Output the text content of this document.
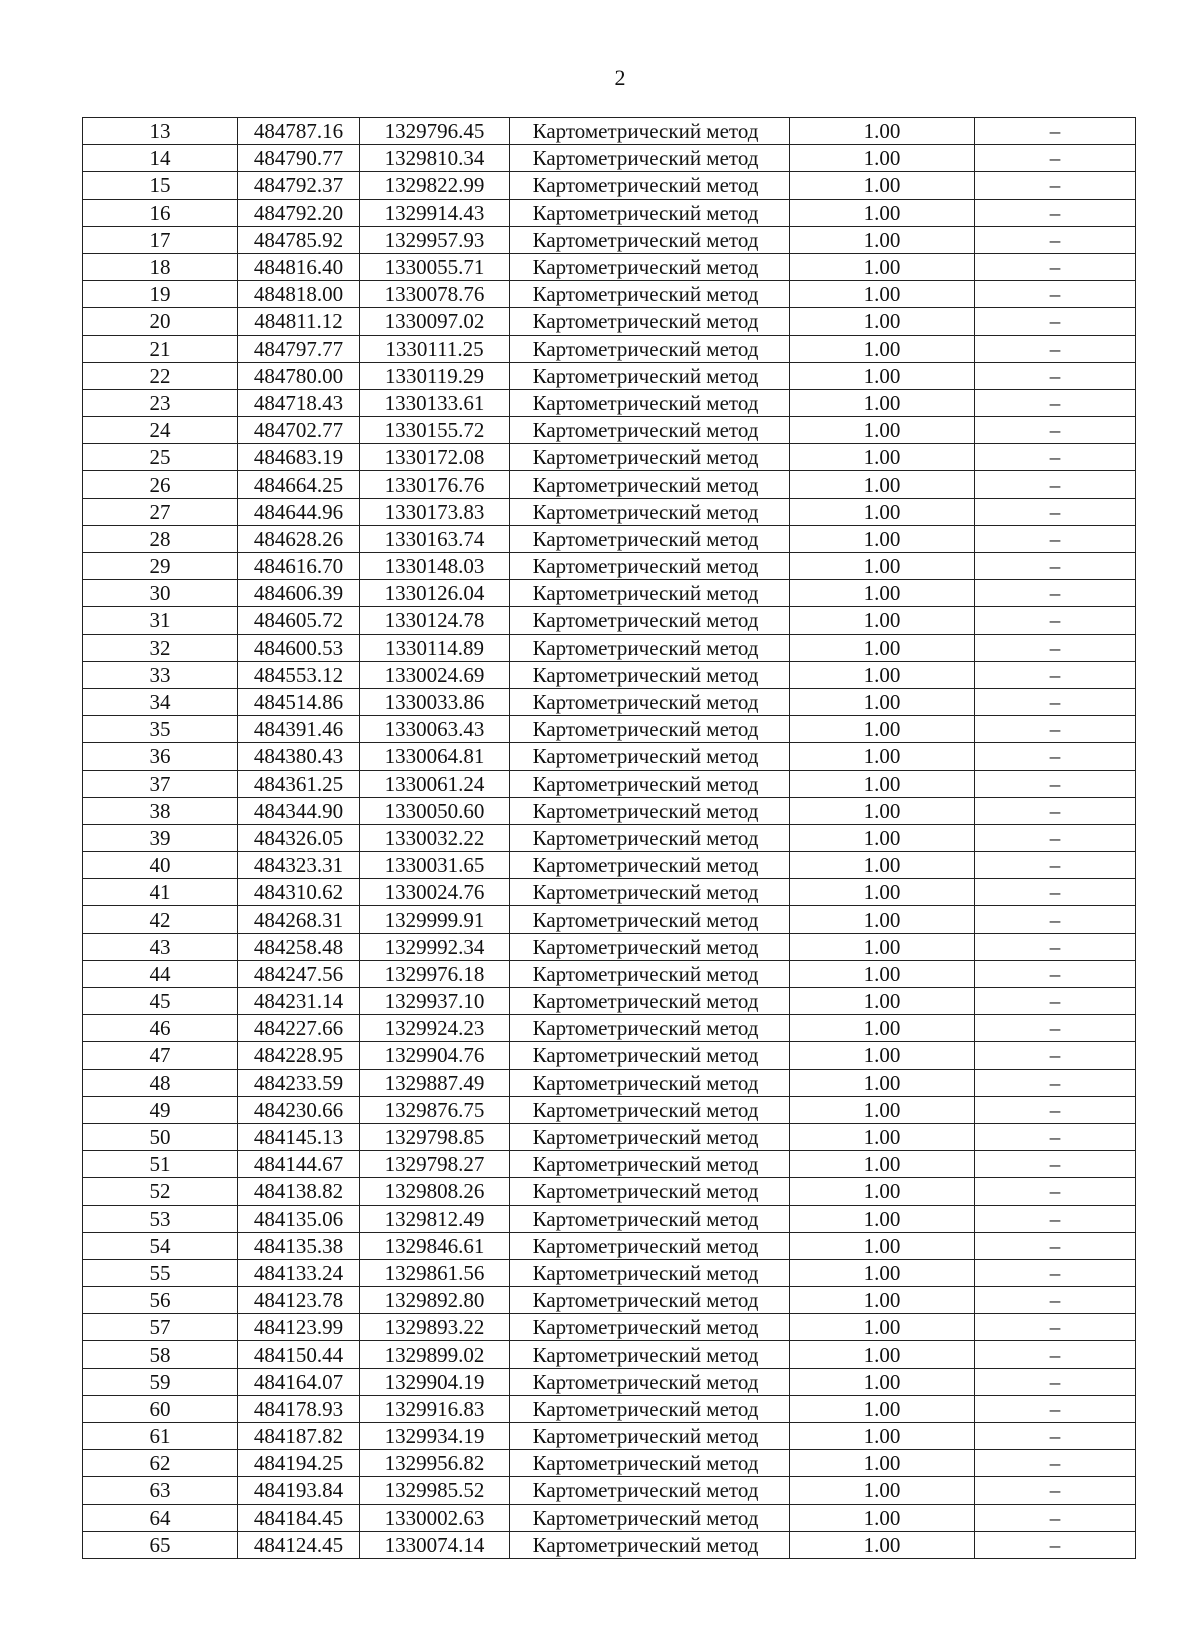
2
13	484787.16	1329796.45	Картометрический метод	1.00	–
14	484790.77	1329810.34	Картометрический метод	1.00	–
15	484792.37	1329822.99	Картометрический метод	1.00	–
16	484792.20	1329914.43	Картометрический метод	1.00	–
17	484785.92	1329957.93	Картометрический метод	1.00	–
18	484816.40	1330055.71	Картометрический метод	1.00	–
19	484818.00	1330078.76	Картометрический метод	1.00	–
20	484811.12	1330097.02	Картометрический метод	1.00	–
21	484797.77	1330111.25	Картометрический метод	1.00	–
22	484780.00	1330119.29	Картометрический метод	1.00	–
23	484718.43	1330133.61	Картометрический метод	1.00	–
24	484702.77	1330155.72	Картометрический метод	1.00	–
25	484683.19	1330172.08	Картометрический метод	1.00	–
26	484664.25	1330176.76	Картометрический метод	1.00	–
27	484644.96	1330173.83	Картометрический метод	1.00	–
28	484628.26	1330163.74	Картометрический метод	1.00	–
29	484616.70	1330148.03	Картометрический метод	1.00	–
30	484606.39	1330126.04	Картометрический метод	1.00	–
31	484605.72	1330124.78	Картометрический метод	1.00	–
32	484600.53	1330114.89	Картометрический метод	1.00	–
33	484553.12	1330024.69	Картометрический метод	1.00	–
34	484514.86	1330033.86	Картометрический метод	1.00	–
35	484391.46	1330063.43	Картометрический метод	1.00	–
36	484380.43	1330064.81	Картометрический метод	1.00	–
37	484361.25	1330061.24	Картометрический метод	1.00	–
38	484344.90	1330050.60	Картометрический метод	1.00	–
39	484326.05	1330032.22	Картометрический метод	1.00	–
40	484323.31	1330031.65	Картометрический метод	1.00	–
41	484310.62	1330024.76	Картометрический метод	1.00	–
42	484268.31	1329999.91	Картометрический метод	1.00	–
43	484258.48	1329992.34	Картометрический метод	1.00	–
44	484247.56	1329976.18	Картометрический метод	1.00	–
45	484231.14	1329937.10	Картометрический метод	1.00	–
46	484227.66	1329924.23	Картометрический метод	1.00	–
47	484228.95	1329904.76	Картометрический метод	1.00	–
48	484233.59	1329887.49	Картометрический метод	1.00	–
49	484230.66	1329876.75	Картометрический метод	1.00	–
50	484145.13	1329798.85	Картометрический метод	1.00	–
51	484144.67	1329798.27	Картометрический метод	1.00	–
52	484138.82	1329808.26	Картометрический метод	1.00	–
53	484135.06	1329812.49	Картометрический метод	1.00	–
54	484135.38	1329846.61	Картометрический метод	1.00	–
55	484133.24	1329861.56	Картометрический метод	1.00	–
56	484123.78	1329892.80	Картометрический метод	1.00	–
57	484123.99	1329893.22	Картометрический метод	1.00	–
58	484150.44	1329899.02	Картометрический метод	1.00	–
59	484164.07	1329904.19	Картометрический метод	1.00	–
60	484178.93	1329916.83	Картометрический метод	1.00	–
61	484187.82	1329934.19	Картометрический метод	1.00	–
62	484194.25	1329956.82	Картометрический метод	1.00	–
63	484193.84	1329985.52	Картометрический метод	1.00	–
64	484184.45	1330002.63	Картометрический метод	1.00	–
65	484124.45	1330074.14	Картометрический метод	1.00	–
